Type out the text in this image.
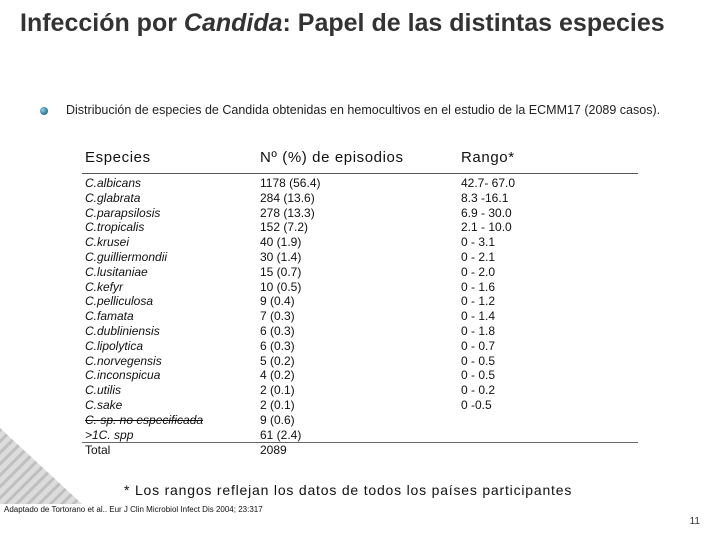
Infección por Candida: Papel de las distintas especies
Distribución de especies de Candida obtenidas en hemocultivos en el estudio de la ECMM17 (2089 casos).
Especies	Nº (%) de episodios	Rango*
C.albicans	1178 (56.4)	42.7- 67.0
C.glabrata	284 (13.6)	8.3 -16.1
C.parapsilosis	278 (13.3)	6.9 - 30.0
C.tropicalis	152 (7.2)	2.1 - 10.0
C.krusei	40 (1.9)	0 - 3.1
C.guilliermondii	30 (1.4)	0 - 2.1
C.lusitaniae	15 (0.7)	0 - 2.0
C.kefyr	10 (0.5)	0 - 1.6
C.pelliculosa	9 (0.4)	0 - 1.2
C.famata	7 (0.3)	0 - 1.4
C.dubliniensis	6 (0.3)	0 - 1.8
C.lipolytica	6 (0.3)	0 - 0.7
C.norvegensis	5 (0.2)	0 - 0.5
C.inconspicua	4 (0.2)	0 - 0.5
C.utilis	2 (0.1)	0 - 0.2
C.sake	2 (0.1)	0 -0.5
C. sp. no especificada	9 (0.6)
>1C. spp	61 (2.4)
Total	2089
* Los rangos reflejan los datos de todos los países participantes
Adaptado de Tortorano et al.. Eur J Clin Microbiol Infect Dis 2004; 23:317
11
